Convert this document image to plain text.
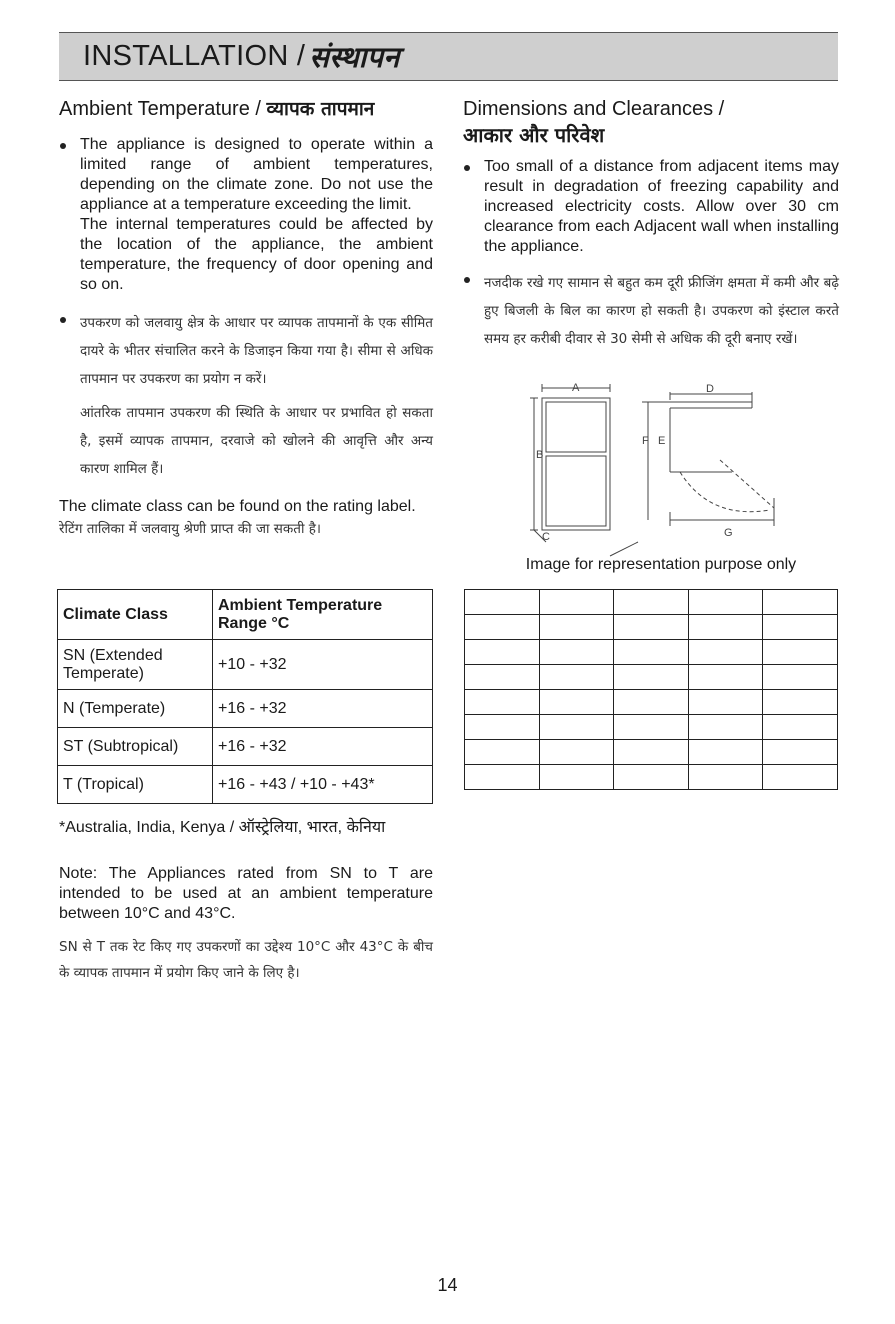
INSTALLATION / संस्थापन
Ambient Temperature / व्यापक तापमान

The appliance is designed to operate within a limited range of ambient temperatures, depending on the climate zone. Do not use the appliance at a temperature exceeding the limit.

The internal temperatures could be affected by the location of the appliance, the ambient temperature, the frequency of door opening and so on.

उपकरण को जलवायु क्षेत्र के आधार पर व्यापक तापमानों के एक सीमित दायरे के भीतर संचालित करने के डिजाइन किया गया है। सीमा से अधिक तापमान पर उपकरण का प्रयोग न करें।

आंतरिक तापमान उपकरण की स्थिति के आधार पर प्रभावित हो सकता है, इसमें व्यापक तापमान, दरवाजे को खोलने की आवृत्ति और अन्य कारण शामिल हैं।

The climate class can be found on the rating label.

रेटिंग तालिका में जलवायु श्रेणी प्राप्त की जा सकती है।

Climate Class	Ambient Temperature Range °C
SN (Extended Temperate)	+10 - +32
N (Temperate)	+16 - +32
ST (Subtropical)	+16 - +32
T (Tropical)	+16 - +43 / +10 - +43*

*Australia, India, Kenya / ऑस्ट्रेलिया, भारत, केनिया

Note: The Appliances rated from SN to T are intended to be used at an ambient temperature between 10°C and 43°C.

SN से T तक रेट किए गए उपकरणों का उद्देश्य 10°C और 43°C के बीच के व्यापक तापमान में प्रयोग किए जाने के लिए है।

Dimensions and Clearances /
आकार और परिवेश

Too small of a distance from adjacent items may result in degradation of freezing capability and increased electricity costs. Allow over 30 cm clearance from each Adjacent wall when installing the appliance.

नजदीक रखे गए सामान से बहुत कम दूरी फ्रीजिंग क्षमता में कमी और बढ़े हुए बिजली के बिल का कारण हो सकती है। उपकरण को इंस्टाल करते समय हर करीबी दीवार से 30 सेमी से अधिक की दूरी बनाए रखें।

A
B
C
D
E
F
G
Image for representation purpose only

14
